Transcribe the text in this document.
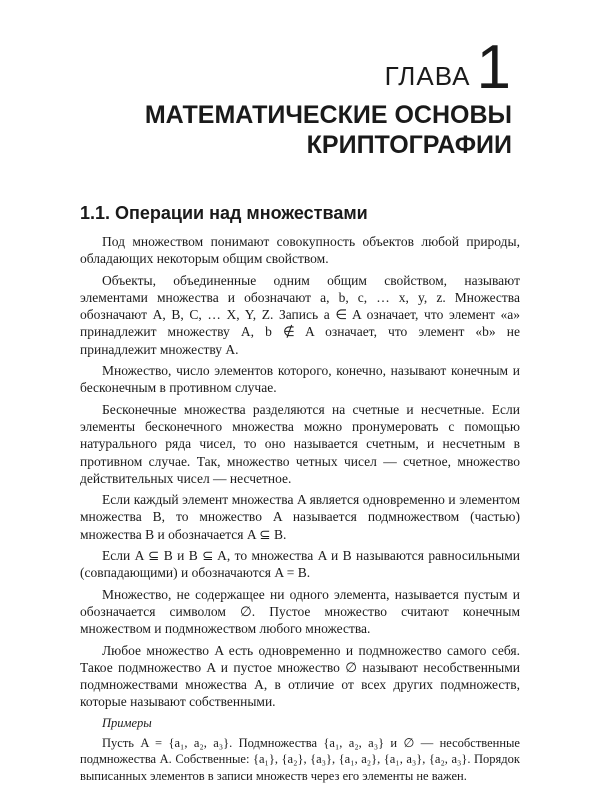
ГЛАВА 1
МАТЕМАТИЧЕСКИЕ ОСНОВЫ
КРИПТОГРАФИИ
1.1. Операции над множествами

Под множеством понимают совокупность объектов любой природы, обладающих некоторым общим свойством.

Объекты, объединенные одним общим свойством, называют элементами множества и обозначают a, b, c, … x, y, z. Множества обозначают A, B, C, … X, Y, Z. Запись a ∈ A означает, что элемент «a» принадлежит множеству A, b ∉ A означает, что элемент «b» не принадлежит множеству A.

Множество, число элементов которого, конечно, называют конечным и бесконечным в противном случае.

Бесконечные множества разделяются на счетные и несчетные. Если элементы бесконечного множества можно пронумеровать с помощью натурального ряда чисел, то оно называется счетным, и несчетным в противном случае. Так, множество четных чисел — счетное, множество действительных чисел — несчетное.

Если каждый элемент множества A является одновременно и элементом множества B, то множество A называется подмножеством (частью) множества B и обозначается A ⊆ B.

Если A ⊆ B и B ⊆ A, то множества A и B называются равносильными (совпадающими) и обозначаются A = B.

Множество, не содержащее ни одного элемента, называется пустым и обозначается символом ∅. Пустое множество считают конечным множеством и подмножеством любого множества.

Любое множество A есть одновременно и подмножество самого себя. Такое подмножество A и пустое множество ∅ называют несобственными подмножествами множества A, в отличие от всех других подмножеств, которые называют собственными.

Примеры

Пусть A = {a₁, a₂, a₃}. Подмножества {a₁, a₂, a₃} и ∅ — несобственные подмножества A. Собственные: {a₁}, {a₂}, {a₃}, {a₁, a₂}, {a₁, a₃}, {a₂, a₃}. Порядок выписанных элементов в записи множеств через его элементы не важен.
